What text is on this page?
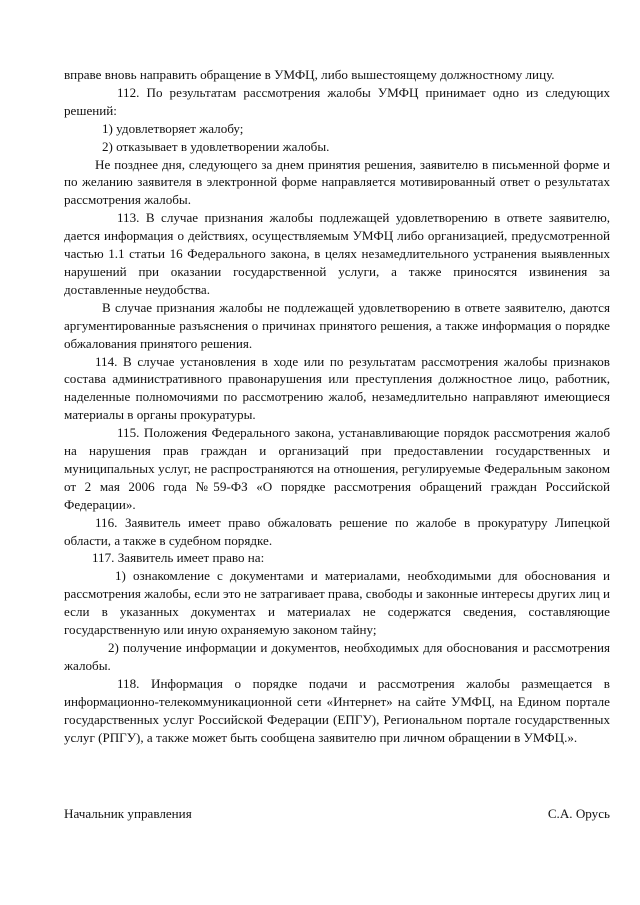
вправе вновь направить обращение в УМФЦ, либо вышестоящему должностному лицу.

112. По результатам рассмотрения жалобы УМФЦ принимает одно из следующих решений:

1) удовлетворяет жалобу;

2) отказывает в удовлетворении жалобы.

Не позднее дня, следующего за днем принятия решения, заявителю в письменной форме и по желанию заявителя в электронной форме направляется мотивированный ответ о результатах рассмотрения жалобы.

113. В случае признания жалобы подлежащей удовлетворению в ответе заявителю, дается информация о действиях, осуществляемым УМФЦ либо организацией, предусмотренной частью 1.1 статьи 16 Федерального закона, в целях незамедлительного устранения выявленных нарушений при оказании государственной услуги, а также приносятся извинения за доставленные неудобства.

В случае признания жалобы не подлежащей удовлетворению в ответе заявителю, даются аргументированные разъяснения о причинах принятого решения, а также информация о порядке обжалования принятого решения.

114. В случае установления в ходе или по результатам рассмотрения жалобы признаков состава административного правонарушения или преступления должностное лицо, работник, наделенные полномочиями по рассмотрению жалоб, незамедлительно направляют имеющиеся материалы в органы прокуратуры.

115. Положения Федерального закона, устанавливающие порядок рассмотрения жалоб на нарушения прав граждан и организаций при предоставлении государственных и муниципальных услуг, не распространяются на отношения, регулируемые Федеральным законом от 2 мая 2006 года №59-ФЗ «О порядке рассмотрения обращений граждан Российской Федерации».

116. Заявитель имеет право обжаловать решение по жалобе в прокуратуру Липецкой области, а также в судебном порядке.

117. Заявитель имеет право на:

1) ознакомление с документами и материалами, необходимыми для обоснования и рассмотрения жалобы, если это не затрагивает права, свободы и законные интересы других лиц и если в указанных документах и материалах не содержатся сведения, составляющие государственную или иную охраняемую законом тайну;

2) получение информации и документов, необходимых для обоснования и рассмотрения жалобы.

118. Информация о порядке подачи и рассмотрения жалобы размещается в информационно-телекоммуникационной сети «Интернет» на сайте УМФЦ, на Едином портале государственных услуг Российской Федерации (ЕПГУ), Региональном портале государственных услуг (РПГУ), а также может быть сообщена заявителю при личном обращении в УМФЦ.».

Начальник управления	С.А. Орусь
